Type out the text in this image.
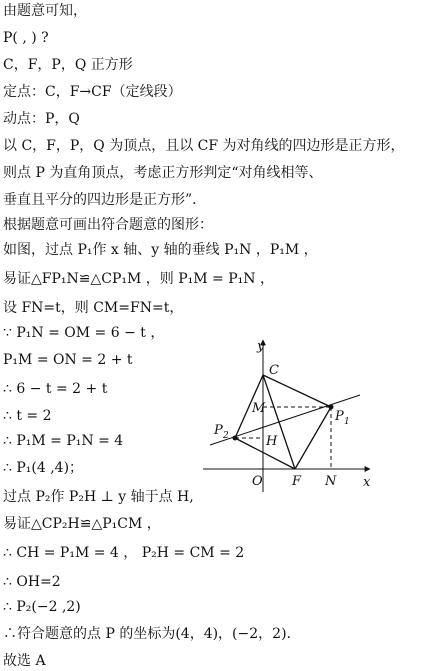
由题意可知，
P( , ) ?
C，F，P，Q 正方形
定点：C，F→CF（定线段）
动点：P，Q
以 C，F，P，Q 为顶点，且以 CF 为对角线的四边形是正方形，
则点 P 为直角顶点，考虑正方形判定“对角线相等、
垂直且平分的四边形是正方形”．
根据题意可画出符合题意的图形：
如图，过点 P₁作 x 轴、y 轴的垂线 P₁N ，P₁M ，
易证△FP₁N≌△CP₁M ，则 P₁M = P₁N ，
设 FN=t，则 CM=FN=t，
∵ P₁N = OM = 6 − t ，
P₁M = ON = 2 + t
∴ 6 − t = 2 + t
∴ t = 2
∴ P₁M = P₁N = 4
∴ P₁(4 ,4)；
过点 P₂作 P₂H ⊥ y 轴于点 H,
易证△CP₂H≌△P₁CM ，
∴ CH = P₁M = 4 ， P₂H = CM = 2
∴ OH=2
∴ P₂(−2 ,2)
∴符合题意的点 P 的坐标为(4，4)，(−2，2).
故选 A
y
x
C
M
P 1
P 2	H
O F N
